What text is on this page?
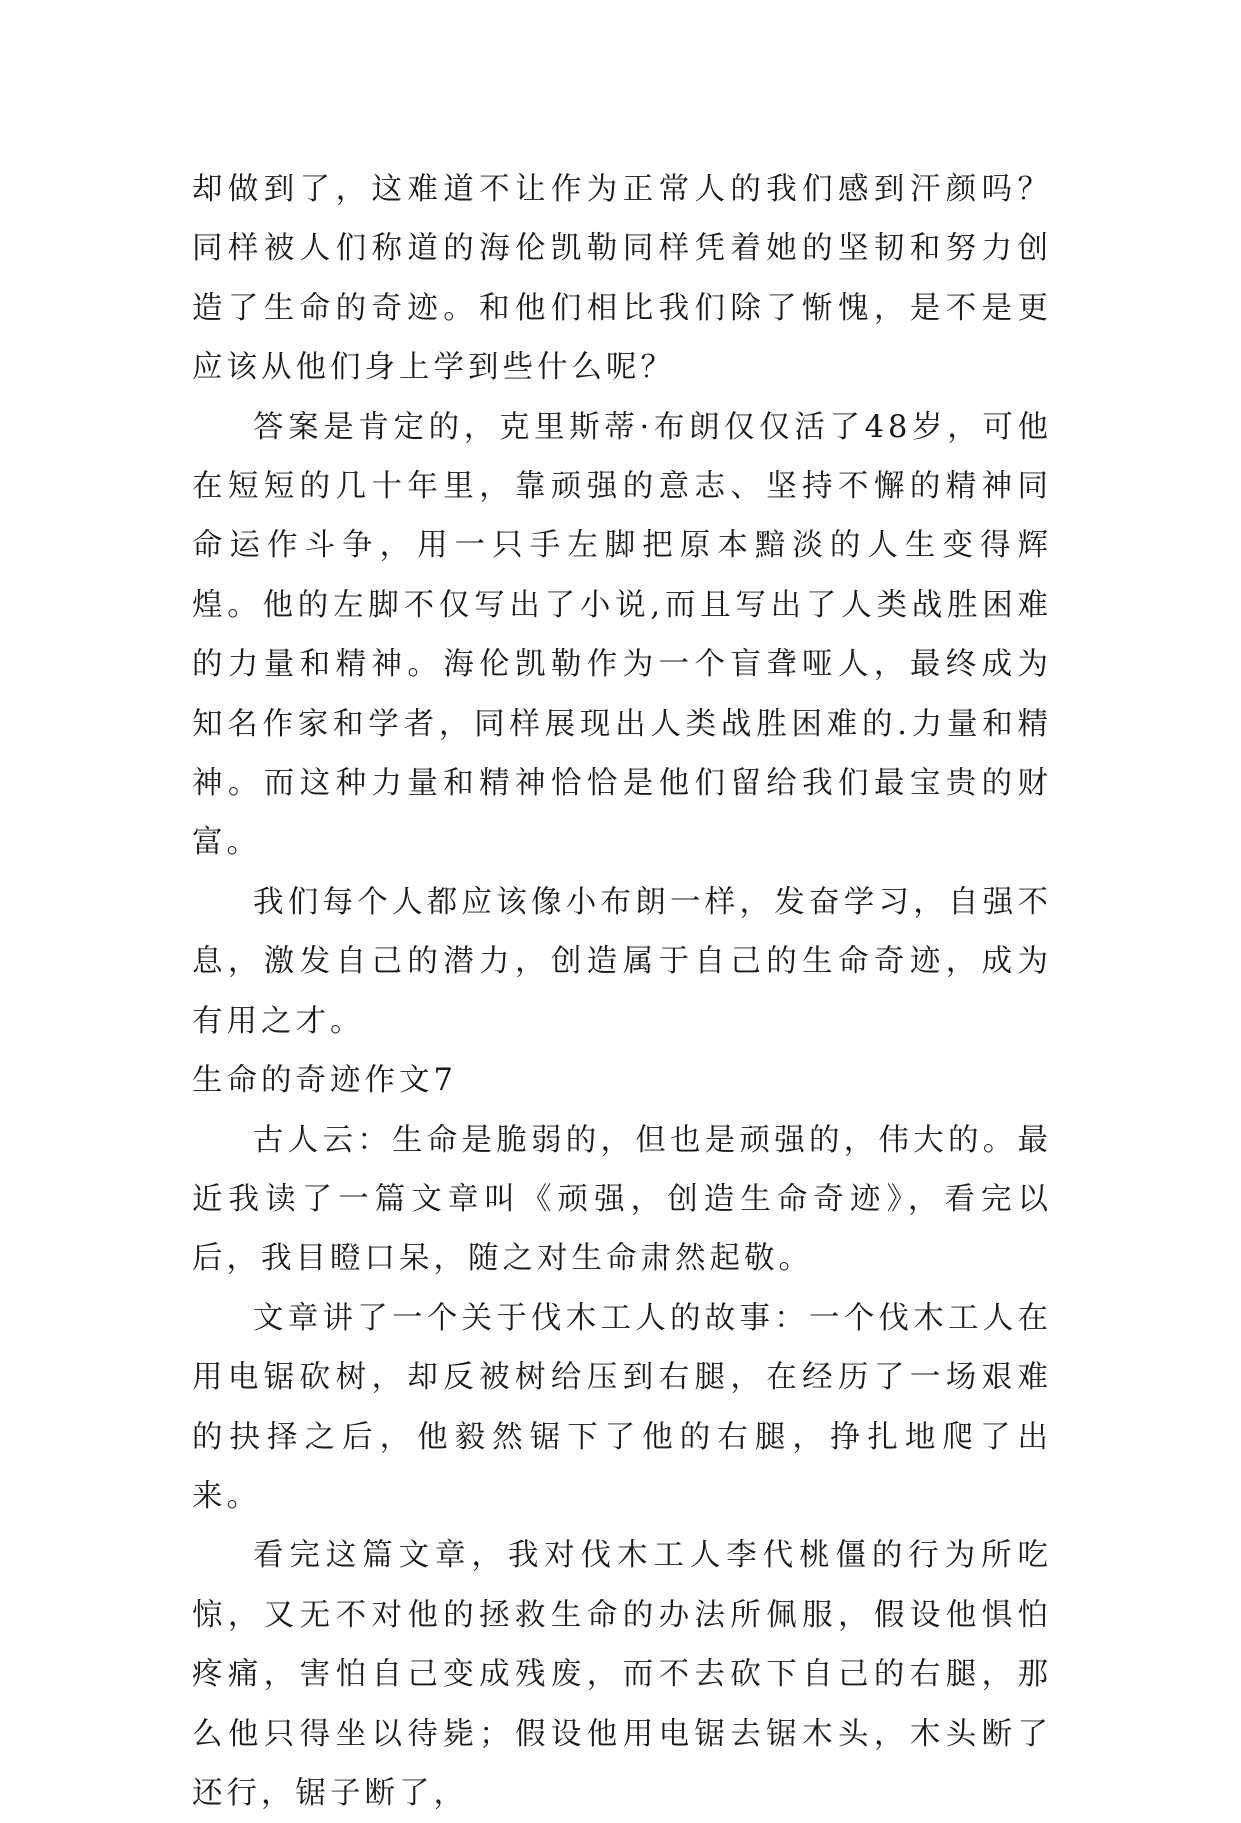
却做到了，这难道不让作为正常人的我们感到汗颜吗？同样被人们称道的海伦凯勒同样凭着她的坚韧和努力创造了生命的奇迹。和他们相比我们除了惭愧，是不是更应该从他们身上学到些什么呢？

答案是肯定的，克里斯蒂·布朗仅仅活了48岁，可他在短短的几十年里，靠顽强的意志、坚持不懈的精神同命运作斗争，用一只手左脚把原本黯淡的人生变得辉煌。他的左脚不仅写出了小说,而且写出了人类战胜困难的力量和精神。海伦凯勒作为一个盲聋哑人，最终成为知名作家和学者，同样展现出人类战胜困难的.力量和精神。而这种力量和精神恰恰是他们留给我们最宝贵的财富。

我们每个人都应该像小布朗一样，发奋学习，自强不息，激发自己的潜力，创造属于自己的生命奇迹，成为有用之才。

生命的奇迹作文7

古人云：生命是脆弱的，但也是顽强的，伟大的。最近我读了一篇文章叫《顽强，创造生命奇迹》，看完以后，我目瞪口呆，随之对生命肃然起敬。

文章讲了一个关于伐木工人的故事：一个伐木工人在用电锯砍树，却反被树给压到右腿，在经历了一场艰难的抉择之后，他毅然锯下了他的右腿，挣扎地爬了出来。

看完这篇文章，我对伐木工人李代桃僵的行为所吃惊，又无不对他的拯救生命的办法所佩服，假设他惧怕疼痛，害怕自己变成残废，而不去砍下自己的右腿，那么他只得坐以待毙；假设他用电锯去锯木头，木头断了还行，锯子断了，
